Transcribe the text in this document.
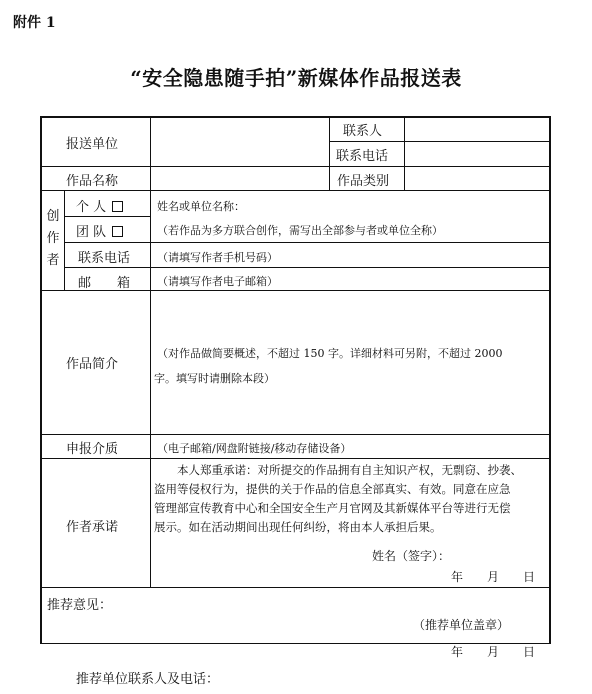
附件 1
“安全隐患随手拍”新媒体作品报送表
报送单位
联系人
联系电话
作品名称	作品类别
创作者
个 人
团 队
姓名或单位名称：
（若作品为多方联合创作，需写出全部参与者或单位全称）
联系电话 （请填写作者手机号码）
邮　　箱 （请填写作者电子邮箱）
作品简介
（对作品做简要概述，不超过 150 字。详细材料可另附，不超过 2000
字。填写时请删除本段）
申报介质	（电子邮箱/网盘附链接/移动存储设备）
作者承诺
　　本人郑重承诺：对所提交的作品拥有自主知识产权，无剽窃、抄袭、
盗用等侵权行为，提供的关于作品的信息全部真实、有效。同意在应急
管理部宣传教育中心和全国安全生产月官网及其新媒体平台等进行无偿
展示。如在活动期间出现任何纠纷，将由本人承担后果。
姓名（签字）：
年　　月　　日
推荐意见：
（推荐单位盖章）
年　　月　　日
推荐单位联系人及电话：
